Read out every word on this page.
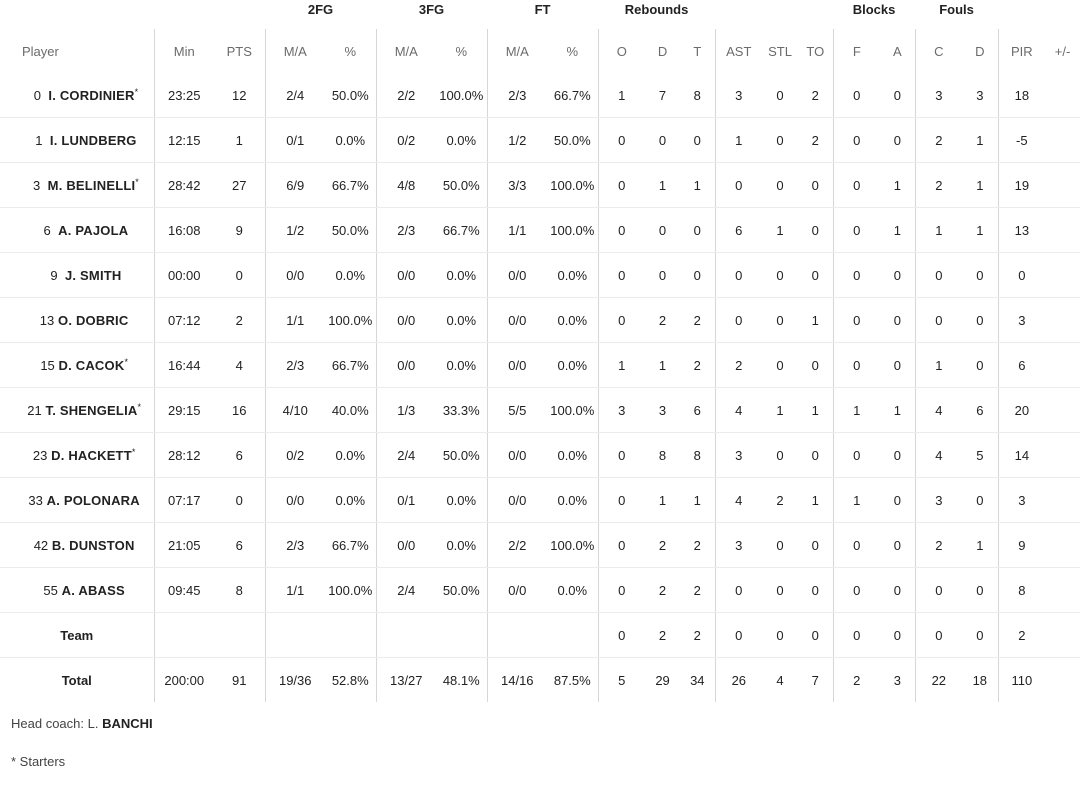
			2FG		3FG		FT		Rebounds						Blocks		Fouls			
Player	Min	PTS	M/A	%	M/A	%	M/A	%	O	D	T	AST	STL	TO	F	A	C	D	PIR	+/-
0 I. CORDINIER*	23:25	12	2/4	50.0%	2/2	100.0%	2/3	66.7%	1	7	8	3	0	2	0	0	3	3	18	
1 I. LUNDBERG	12:15	1	0/1	0.0%	0/2	0.0%	1/2	50.0%	0	0	0	1	0	2	0	0	2	1	-5	
3 M. BELINELLI*	28:42	27	6/9	66.7%	4/8	50.0%	3/3	100.0%	0	1	1	0	0	0	0	1	2	1	19	
6 A. PAJOLA	16:08	9	1/2	50.0%	2/3	66.7%	1/1	100.0%	0	0	0	6	1	0	0	1	1	1	13	
9 J. SMITH	00:00	0	0/0	0.0%	0/0	0.0%	0/0	0.0%	0	0	0	0	0	0	0	0	0	0	0	
13 O. DOBRIC	07:12	2	1/1	100.0%	0/0	0.0%	0/0	0.0%	0	2	2	0	0	1	0	0	0	0	3	
15 D. CACOK*	16:44	4	2/3	66.7%	0/0	0.0%	0/0	0.0%	1	1	2	2	0	0	0	0	1	0	6	
21 T. SHENGELIA*	29:15	16	4/10	40.0%	1/3	33.3%	5/5	100.0%	3	3	6	4	1	1	1	1	4	6	20	
23 D. HACKETT*	28:12	6	0/2	0.0%	2/4	50.0%	0/0	0.0%	0	8	8	3	0	0	0	0	4	5	14	
33 A. POLONARA	07:17	0	0/0	0.0%	0/1	0.0%	0/0	0.0%	0	1	1	4	2	1	1	0	3	0	3	
42 B. DUNSTON	21:05	6	2/3	66.7%	0/0	0.0%	2/2	100.0%	0	2	2	3	0	0	0	0	2	1	9	
55 A. ABASS	09:45	8	1/1	100.0%	2/4	50.0%	0/0	0.0%	0	2	2	0	0	0	0	0	0	0	8	
Team									0	2	2	0	0	0	0	0	0	0	2	
Total	200:00	91	19/36	52.8%	13/27	48.1%	14/16	87.5%	5	29	34	26	4	7	2	3	22	18	110	
Head coach: L. BANCHI
* Starters
